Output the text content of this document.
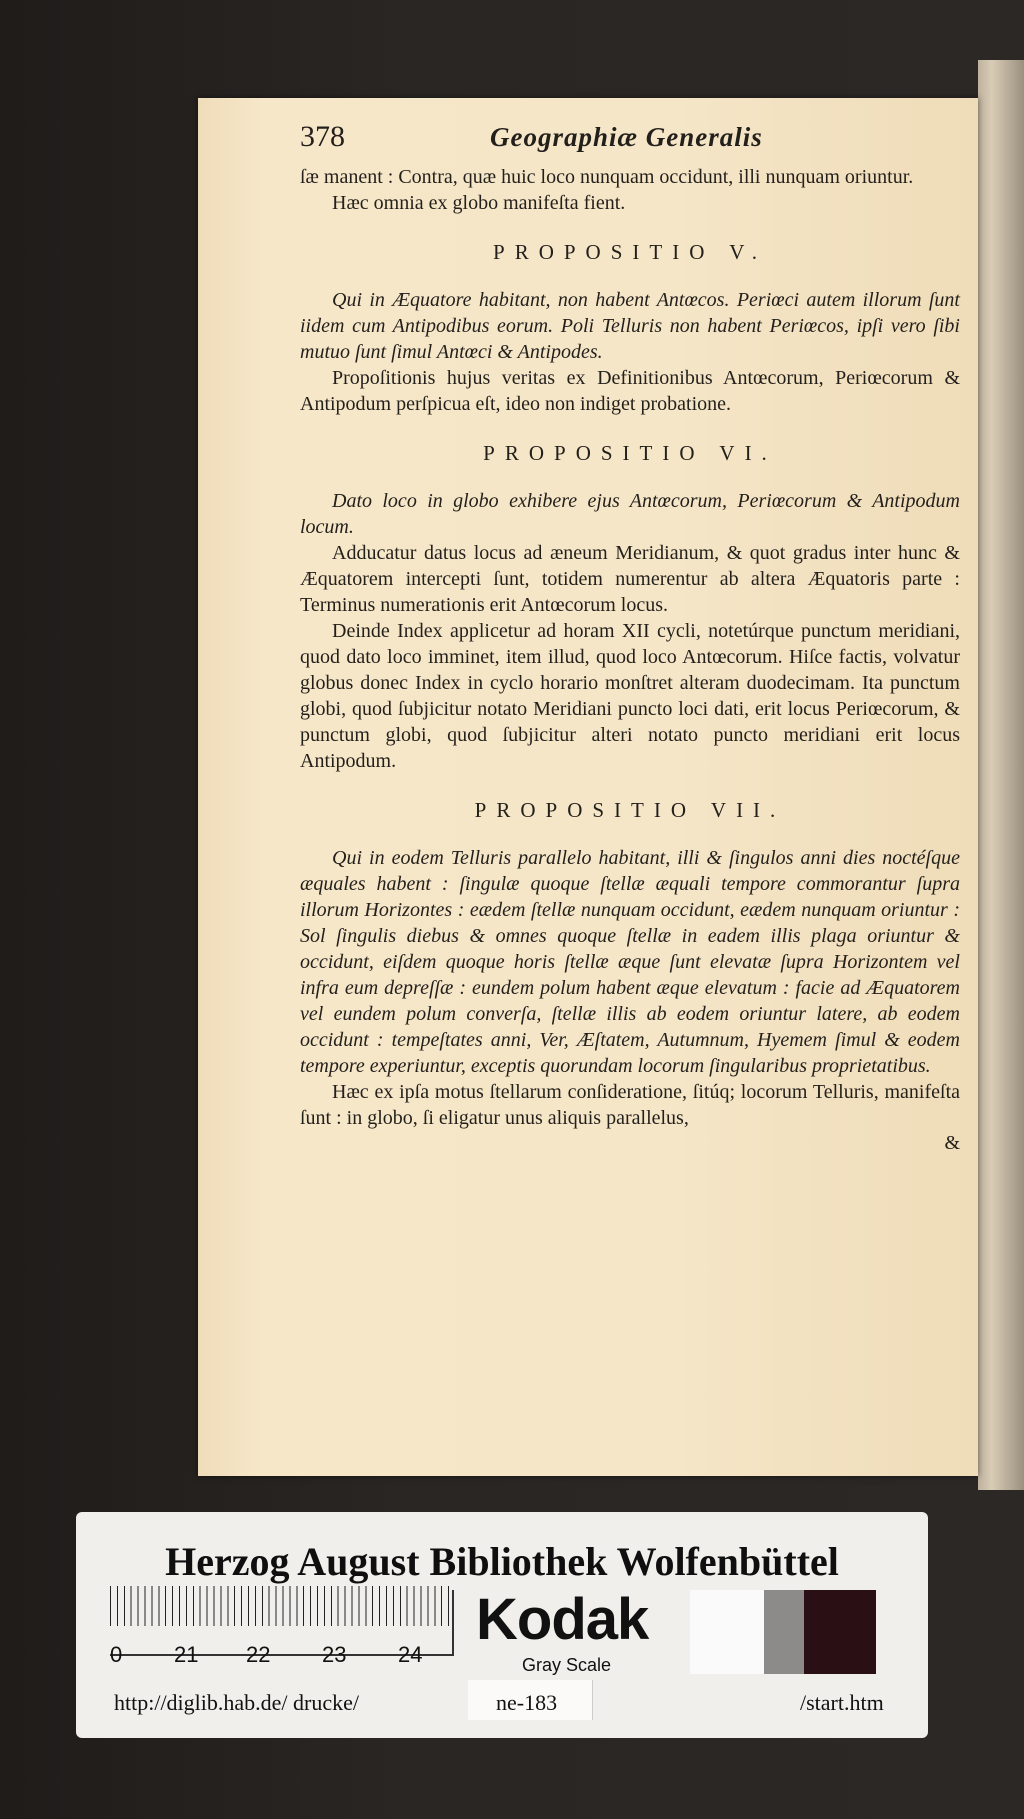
378	Geographiæ Generalis

ſæ manent : Contra, quæ huic loco nunquam occidunt, illi nunquam oriuntur.

Hæc omnia ex globo manifeſta fient.

PROPOSITIO V.

Qui in Æquatore habitant, non habent Antœcos. Periœci autem illorum ſunt iidem cum Antipodibus eorum. Poli Telluris non habent Periœcos, ipſi vero ſibi mutuo ſunt ſimul Antœci & Antipodes.

Propoſitionis hujus veritas ex Definitionibus Antœcorum, Periœcorum & Antipodum perſpicua eſt, ideo non indiget probatione.

PROPOSITIO VI.

Dato loco in globo exhibere ejus Antœcorum, Periœcorum & Antipodum locum.

Adducatur datus locus ad æneum Meridianum, & quot gradus inter hunc & Æquatorem intercepti ſunt, totidem numerentur ab altera Æquatoris parte : Terminus numerationis erit Antœcorum locus.

Deinde Index applicetur ad horam XII cycli, notetúrque punctum meridiani, quod dato loco imminet, item illud, quod loco Antœcorum. Hiſce factis, volvatur globus donec Index in cyclo horario monſtret alteram duodecimam. Ita punctum globi, quod ſubjicitur notato Meridiani puncto loci dati, erit locus Periœcorum, & punctum globi, quod ſubjicitur alteri notato puncto meridiani erit locus Antipodum.

PROPOSITIO VII.

Qui in eodem Telluris parallelo habitant, illi & ſingulos anni dies noctéſque æquales habent : ſingulæ quoque ſtellæ æquali tempore commorantur ſupra illorum Horizontes : eædem ſtellæ nunquam occidunt, eædem nunquam oriuntur : Sol ſingulis diebus & omnes quoque ſtellæ in eadem illis plaga oriuntur & occidunt, eiſdem quoque horis ſtellæ æque ſunt elevatæ ſupra Horizontem vel infra eum depreſſæ : eundem polum habent æque elevatum : facie ad Æquatorem vel eundem polum converſa, ſtellæ illis ab eodem oriuntur latere, ab eodem occidunt : tempeſtates anni, Ver, Æſtatem, Autumnum, Hyemem ſimul & eodem tempore experiuntur, exceptis quorundam locorum ſingularibus proprietatibus.

Hæc ex ipſa motus ſtellarum conſideratione, ſitúq; locorum Telluris, manifeſta ſunt : in globo, ſi eligatur unus aliquis parallelus,

&
Herzog August Bibliothek Wolfenbüttel
0 21 22 23 24
Kodak
Gray Scale
http://diglib.hab.de/ drucke/	ne-183	/start.htm
